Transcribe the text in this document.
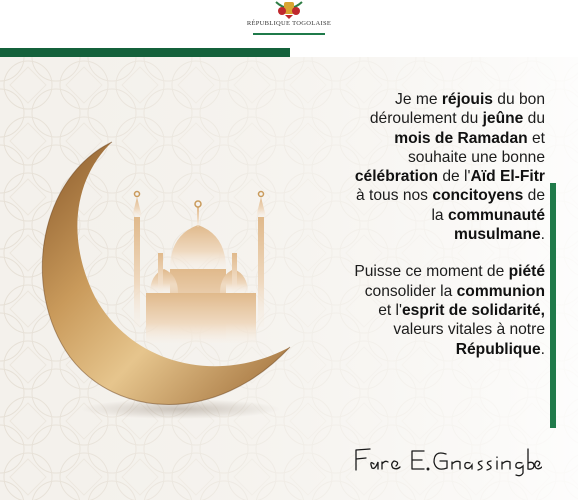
RÉPUBLIQUE TOGOLAISE

Je me réjouis du bon
déroulement du jeûne du
mois de Ramadan et
souhaite une bonne
célébration de l'Aïd El-Fitr
à tous nos concitoyens de
la communauté
musulmane.

Puisse ce moment de piété
consolider la communion
et l'esprit de solidarité,
valeurs vitales à notre
République.
